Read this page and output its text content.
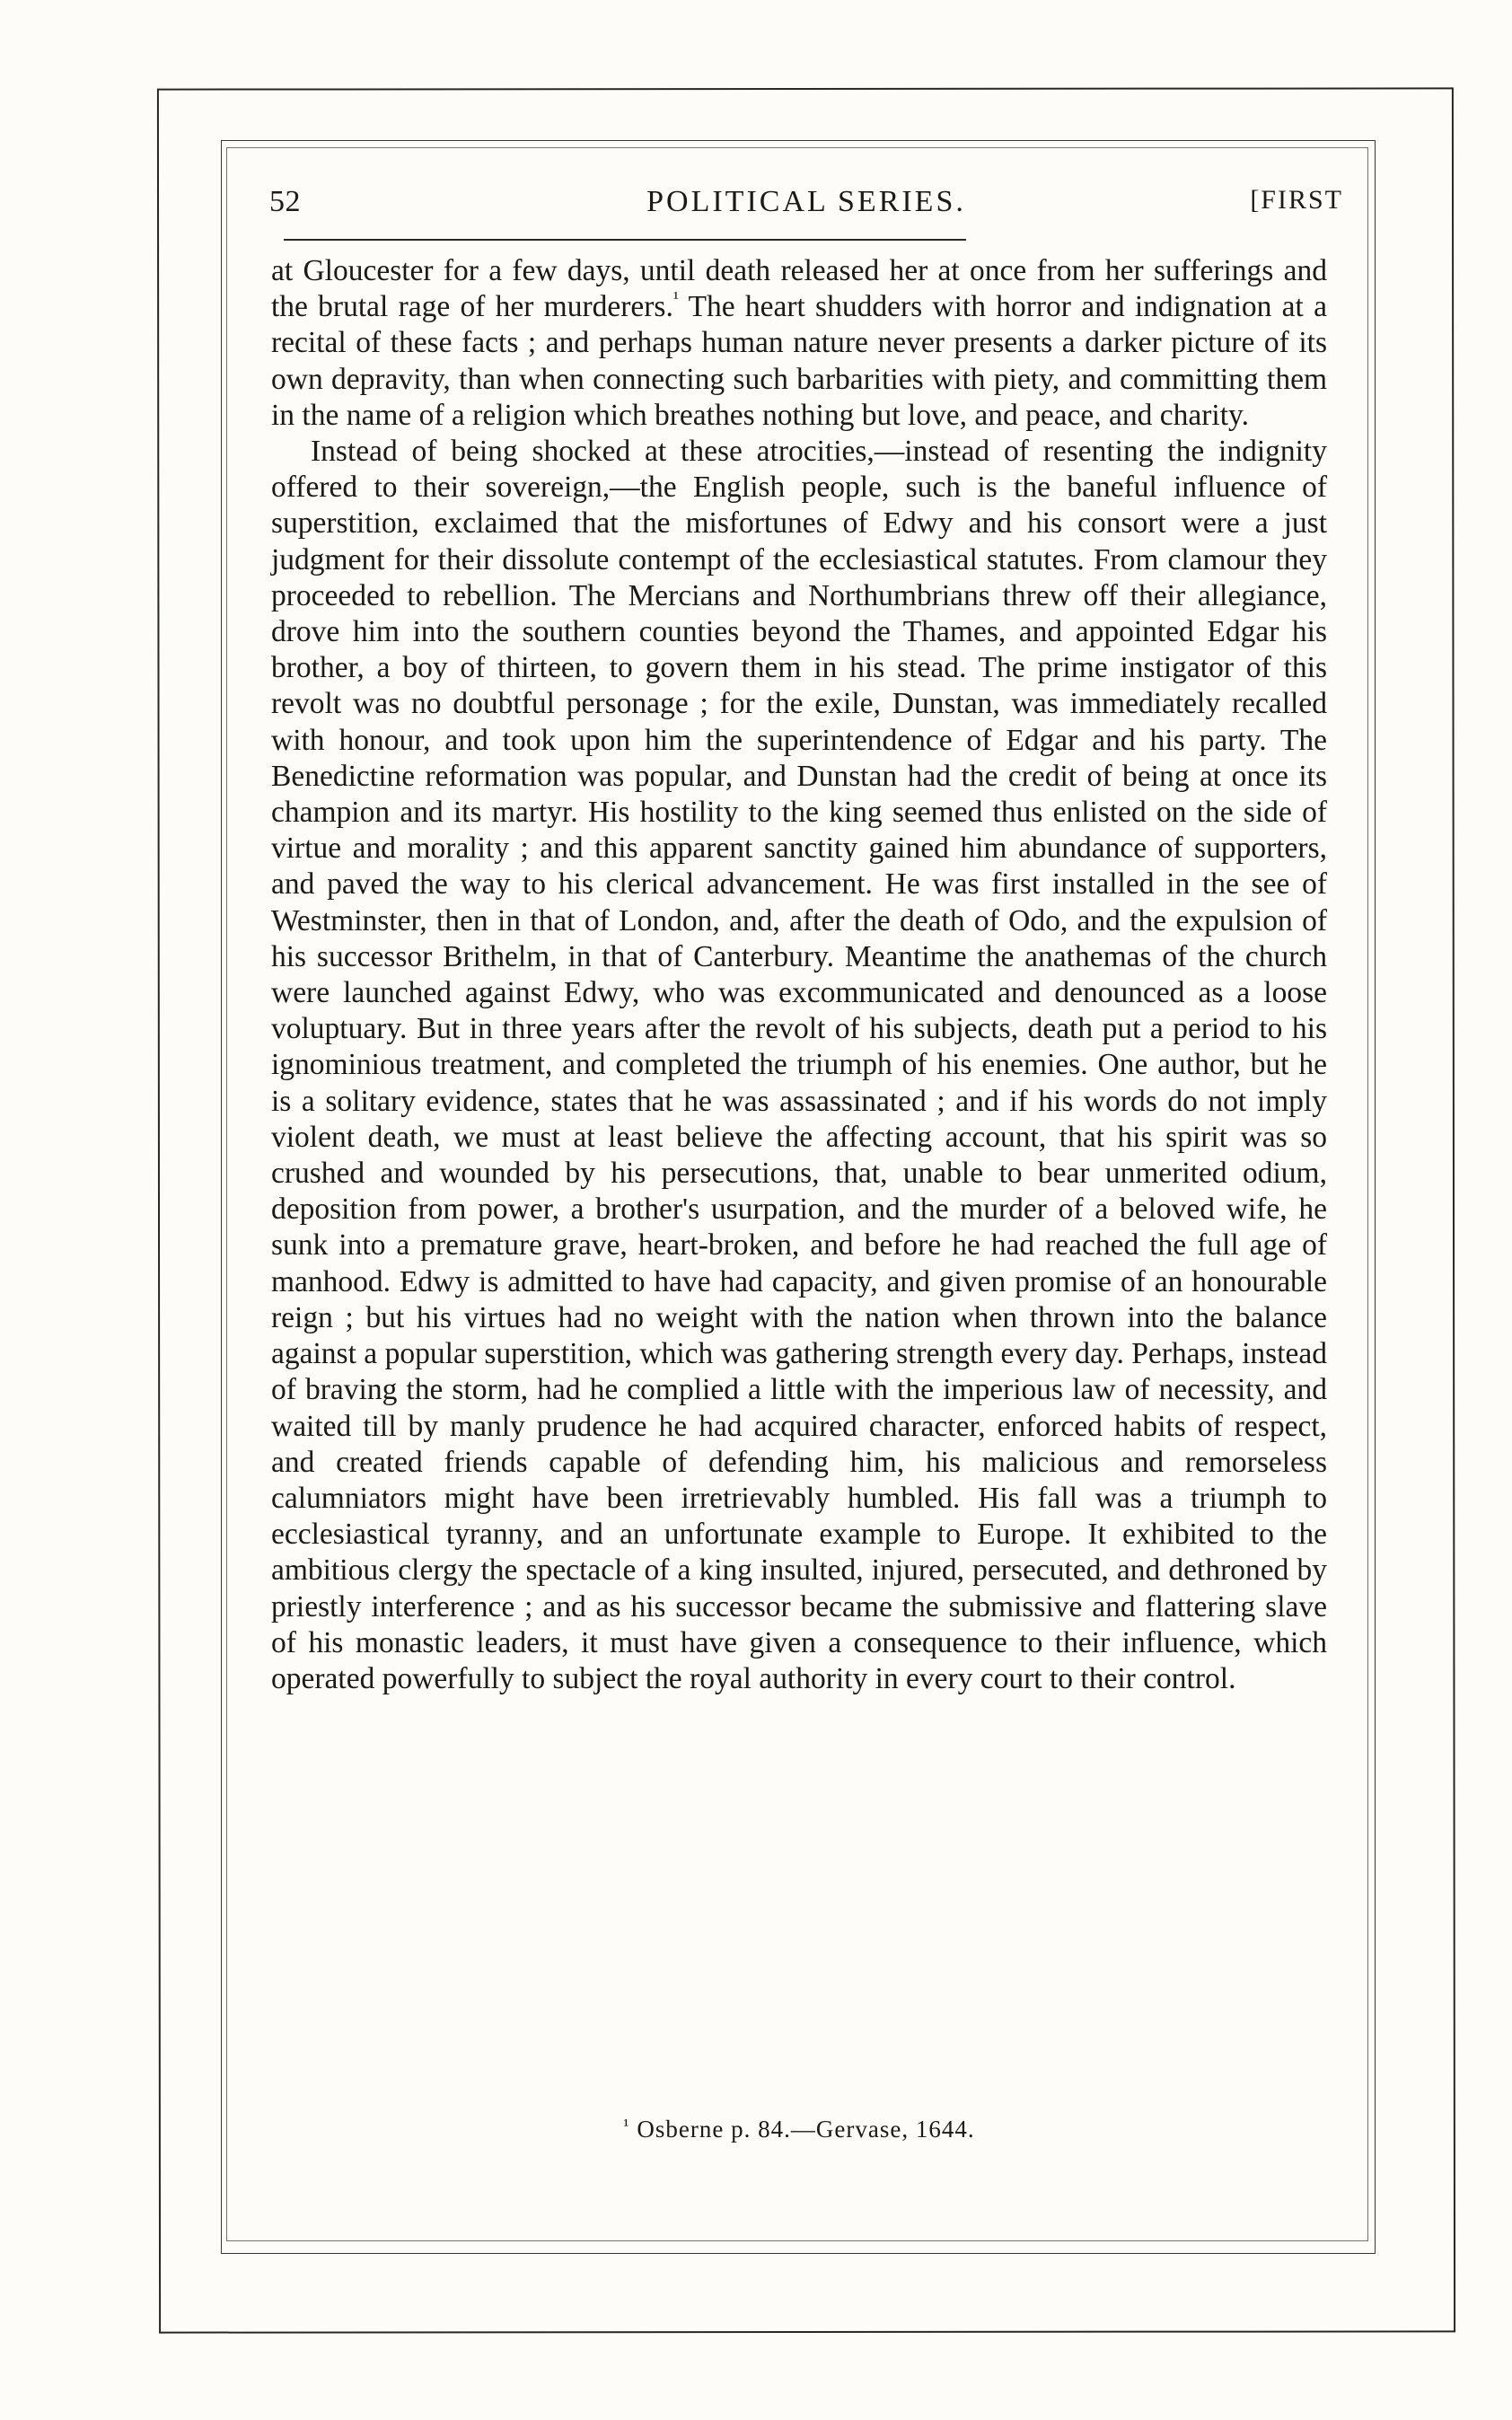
52	POLITICAL SERIES.	[FIRST

at Gloucester for a few days, until death released her at once from her sufferings and the brutal rage of her murderers.$^{^1}$ The heart shudders with horror and indignation at a recital of these facts ; and perhaps human nature never presents a darker picture of its own depravity, than when connecting such barbarities with piety, and committing them in the name of a religion which breathes nothing but love, and peace, and charity.

Instead of being shocked at these atrocities,—instead of resenting the indignity offered to their sovereign,—the English people, such is the baneful influence of superstition, exclaimed that the misfortunes of Edwy and his consort were a just judgment for their dissolute contempt of the ecclesiastical statutes. From clamour they proceeded to rebellion. The Mercians and Northumbrians threw off their allegiance, drove him into the southern counties beyond the Thames, and appointed Edgar his brother, a boy of thirteen, to govern them in his stead. The prime instigator of this revolt was no doubtful personage ; for the exile, Dunstan, was immediately recalled with honour, and took upon him the superintendence of Edgar and his party. The Benedictine reformation was popular, and Dunstan had the credit of being at once its champion and its martyr. His hostility to the king seemed thus enlisted on the side of virtue and morality ; and this apparent sanctity gained him abundance of supporters, and paved the way to his clerical advancement. He was first installed in the see of Westminster, then in that of London, and, after the death of Odo, and the expulsion of his successor Brithelm, in that of Canterbury. Meantime the anathemas of the church were launched against Edwy, who was excommunicated and denounced as a loose voluptuary. But in three years after the revolt of his subjects, death put a period to his ignominious treatment, and completed the triumph of his enemies. One author, but he is a solitary evidence, states that he was assassinated ; and if his words do not imply violent death, we must at least believe the affecting account, that his spirit was so crushed and wounded by his persecutions, that, unable to bear unmerited odium, deposition from power, a brother's usurpation, and the murder of a beloved wife, he sunk into a premature grave, heart-broken, and before he had reached the full age of manhood. Edwy is admitted to have had capacity, and given promise of an honourable reign ; but his virtues had no weight with the nation when thrown into the balance against a popular superstition, which was gathering strength every day. Perhaps, instead of braving the storm, had he complied a little with the imperious law of necessity, and waited till by manly prudence he had acquired character, enforced habits of respect, and created friends capable of defending him, his malicious and remorseless calumniators might have been irretrievably humbled. His fall was a triumph to ecclesiastical tyranny, and an unfortunate example to Europe. It exhibited to the ambitious clergy the spectacle of a king insulted, injured, persecuted, and dethroned by priestly interference ; and as his successor became the submissive and flattering slave of his monastic leaders, it must have given a consequence to their influence, which operated powerfully to subject the royal authority in every court to their control.

$^{^1}$ Osberne p. 84.—Gervase, 1644.
